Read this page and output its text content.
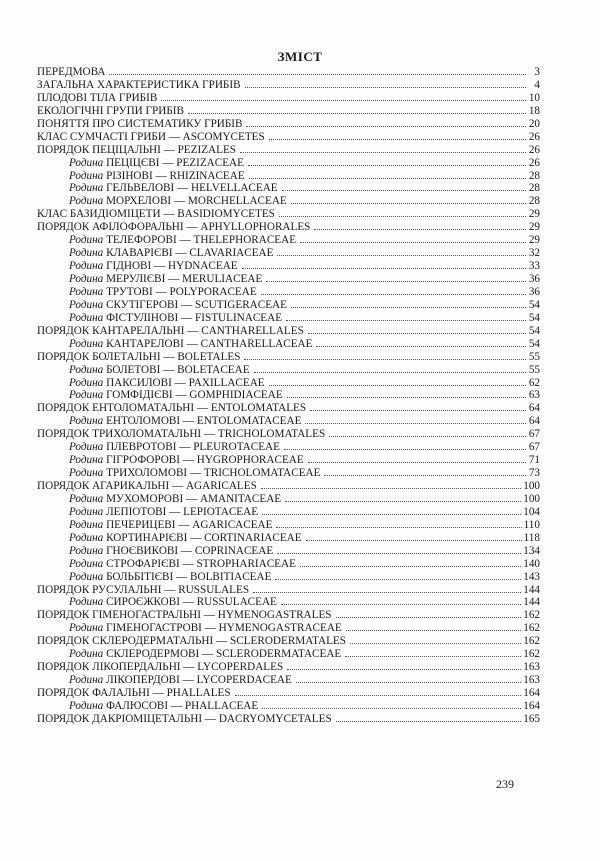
ЗМІСТ
ПЕРЕДМОВА	3
ЗАГАЛЬНА ХАРАКТЕРИСТИКА ГРИБІВ	4
ПЛОДОВІ ТІЛА ГРИБІВ	10
ЕКОЛОГІЧНІ ГРУПИ ГРИБІВ	18
ПОНЯТТЯ ПРО СИСТЕМАТИКУ ГРИБІВ	20
КЛАС СУМЧАСТІ ГРИБИ — ASCOMYCETES	26
ПОРЯДОК ПЕЦІЦАЛЬНІ — PEZIZALES	26
Родина ПЕЦІЦЄВІ — PEZIZACEAE	26
Родина РІЗІНОВІ — RHIZINACEAE	28
Родина ГЕЛЬВЕЛОВІ — HELVELLACEAE	28
Родина МОРХЕЛОВІ — MORCHELLACEAE	28
КЛАС БАЗИДІОМІЦЕТИ — BASIDIOMYCETES	29
ПОРЯДОК АФІЛОФОРАЛЬНІ — APHYLLOPHORALES	29
Родина ТЕЛЕФОРОВІ — THELEPHORACEAE	29
Родина КЛАВАРІЄВІ — CLAVARIACEAE	32
Родина ГІДНОВІ — HYDNACEAE	33
Родина МЕРУЛІЄВІ — MERULIACEAE	36
Родина ТРУТОВІ — POLYPORACEAE	36
Родина СКУТІГЕРОВІ — SCUTIGERACEAE	54
Родина ФІСТУЛІНОВІ — FISTULINACEAE	54
ПОРЯДОК КАНТАРЕЛАЛЬНІ — CANTHARELLALES	54
Родина КАНТАРЕЛОВІ — CANTHARELLACEAE	54
ПОРЯДОК БОЛЕТАЛЬНІ — BOLETALES	55
Родина БОЛЕТОВІ — BOLETACEAE	55
Родина ПАКСИЛОВІ — PAXILLACEAE	62
Родина ГОМФІДІЄВІ — GOMPHIDIACEAE	63
ПОРЯДОК ЕНТОЛОМАТАЛЬНІ — ENTOLOMATALES	64
Родина ЕНТОЛОМОВІ — ENTOLOMATACEAE	64
ПОРЯДОК ТРИХОЛОМАТАЛЬНІ — TRICHOLOMATALES	67
Родина ПЛЕВРОТОВІ — PLEUROTACEAE	67
Родина ГІГРОФОРОВІ — HYGROPHORACEAE	71
Родина ТРИХОЛОМОВІ — TRICHOLOMATACEAE	73
ПОРЯДОК АГАРИКАЛЬНІ — AGARICALES	100
Родина МУХОМОРОВІ — AMANITACEAE	100
Родина ЛЕПІОТОВІ — LEPIOTACEAE	104
Родина ПЕЧЕРИЦЕВІ — AGARICACEAE	110
Родина КОРТИНАРІЄВІ — CORTINARIACEAE	118
Родина ГНОЄВИКОВІ — COPRINACEAE	134
Родина СТРОФАРІЄВІ — STROPHARIACEAE	140
Родина БОЛЬБІТІЄВІ — BOLBITIACEAE	143
ПОРЯДОК РУСУЛАЛЬНІ — RUSSULALES	144
Родина СИРОЄЖКОВІ — RUSSULACEAE	144
ПОРЯДОК ГІМЕНОГАСТРАЛЬНІ — HYMENOGASTRALES	162
Родина ГІМЕНОГАСТРОВІ — HYMENOGASTRACEAE	162
ПОРЯДОК СКЛЕРОДЕРМАТАЛЬНІ — SCLERODERMATALES	162
Родина СКЛЕРОДЕРМОВІ — SCLERODERMATACEAE	162
ПОРЯДОК ЛІКОПЕРДАЛЬНІ — LYCOPERDALES	163
Родина ЛІКОПЕРДОВІ — LYCOPERDACEAE	163
ПОРЯДОК ФАЛАЛЬНІ — PHALLALES	164
Родина ФАЛЮСОВІ — PHALLACEAE	164
ПОРЯДОК ДАКРІОМІЦЕТАЛЬНІ — DACRYOMYCETALES	165
239
